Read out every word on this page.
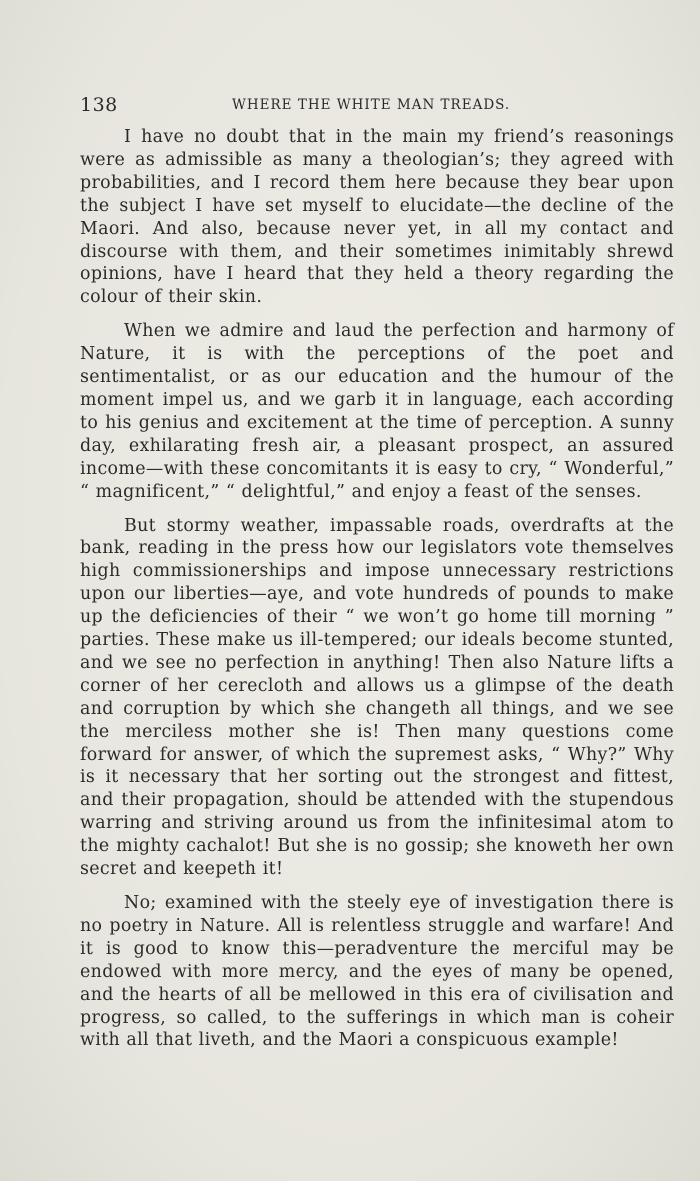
138	WHERE THE WHITE MAN TREADS.

I have no doubt that in the main my friend’s reasonings were as admissible as many a theologian’s; they agreed with probabilities, and I record them here because they bear upon the subject I have set myself to elucidate—the decline of the Maori. And also, because never yet, in all my contact and discourse with them, and their sometimes inimitably shrewd opinions, have I heard that they held a theory regarding the colour of their skin.

When we admire and laud the perfection and harmony of Nature, it is with the perceptions of the poet and sentimentalist, or as our education and the humour of the moment impel us, and we garb it in language, each according to his genius and excitement at the time of perception. A sunny day, exhilarating fresh air, a pleasant prospect, an assured income—with these concomitants it is easy to cry, “ Wonderful,” “ magnificent,” “ delightful,” and enjoy a feast of the senses.

But stormy weather, impassable roads, overdrafts at the bank, reading in the press how our legislators vote themselves high commissionerships and impose unnecessary restrictions upon our liberties—aye, and vote hundreds of pounds to make up the deficiencies of their “ we won’t go home till morning ” parties. These make us ill-tempered; our ideals become stunted, and we see no perfection in anything! Then also Nature lifts a corner of her cerecloth and allows us a glimpse of the death and corruption by which she changeth all things, and we see the merciless mother she is! Then many questions come forward for answer, of which the supremest asks, “ Why?” Why is it necessary that her sorting out the strongest and fittest, and their propagation, should be attended with the stupendous warring and striving around us from the infinitesimal atom to the mighty cachalot! But she is no gossip; she knoweth her own secret and keepeth it!

No; examined with the steely eye of investigation there is no poetry in Nature. All is relentless struggle and warfare! And it is good to know this—peradventure the merciful may be endowed with more mercy, and the eyes of many be opened, and the hearts of all be mellowed in this era of civilisation and progress, so called, to the sufferings in which man is coheir with all that liveth, and the Maori a conspicuous example!
